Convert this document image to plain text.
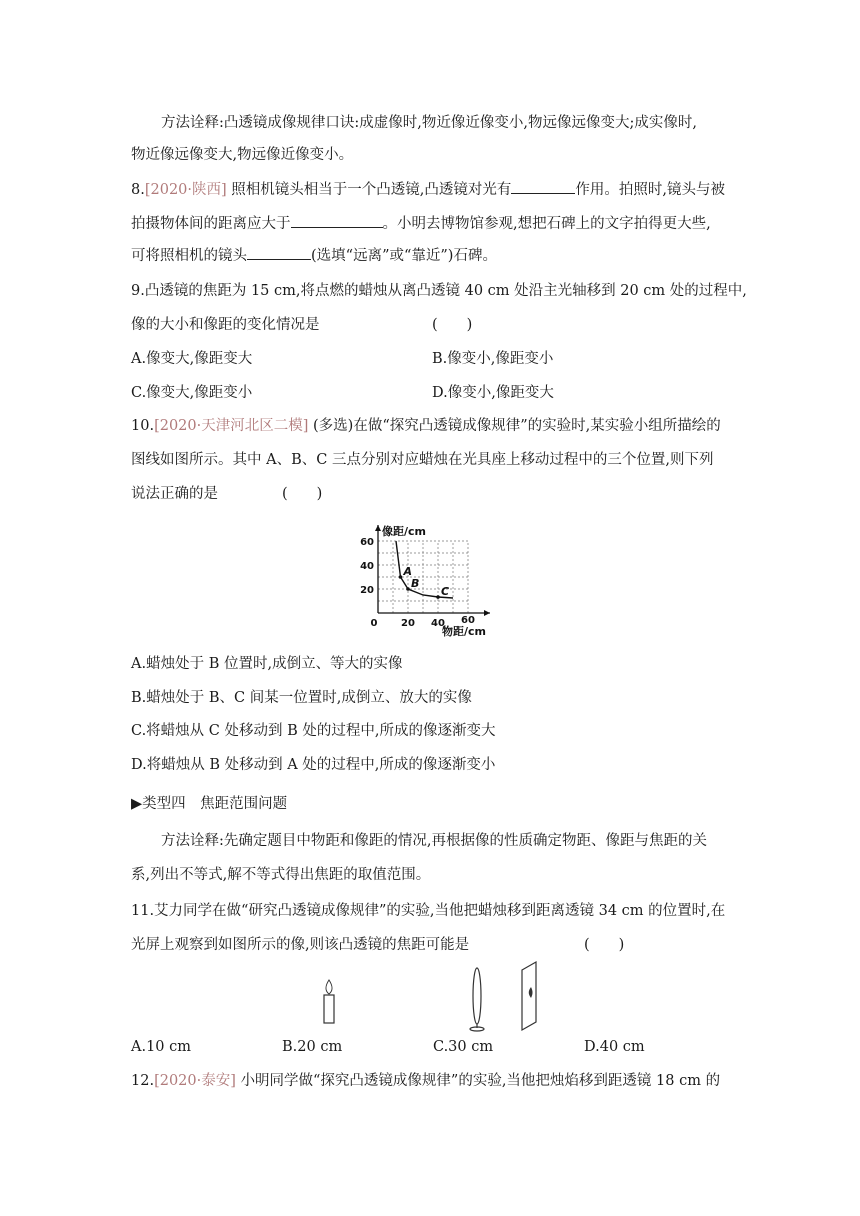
方法诠释:凸透镜成像规律口诀:成虚像时,物近像近像变小,物远像远像变大;成实像时,
物近像远像变大,物远像近像变小。
8.[2020·陕西] 照相机镜头相当于一个凸透镜,凸透镜对光有	作用。拍照时,镜头与被
拍摄物体间的距离应大于	。小明去博物馆参观,想把石碑上的文字拍得更大些,
可将照相机的镜头	(选填“远离”或“靠近”)石碑。
9.凸透镜的焦距为 15 cm,将点燃的蜡烛从离凸透镜 40 cm 处沿主光轴移到 20 cm 处的过程中,
像的大小和像距的变化情况是	(　　)
A.像变大,像距变大	B.像变小,像距变小
C.像变大,像距变小	D.像变小,像距变大
10.[2020·天津河北区二模] (多选)在做“探究凸透镜成像规律”的实验时,某实验小组所描绘的
图线如图所示。其中 A、B、C 三点分别对应蜡烛在光具座上移动过程中的三个位置,则下列
说法正确的是	(　　)
像距/cm
物距/cm
0 20 40 60
20
40
60
A
B
C
A.蜡烛处于 B 位置时,成倒立、等大的实像
B.蜡烛处于 B、C 间某一位置时,成倒立、放大的实像
C.将蜡烛从 C 处移动到 B 处的过程中,所成的像逐渐变大
D.将蜡烛从 B 处移动到 A 处的过程中,所成的像逐渐变小
▶类型四　焦距范围问题
方法诠释:先确定题目中物距和像距的情况,再根据像的性质确定物距、像距与焦距的关
系,列出不等式,解不等式得出焦距的取值范围。
11.艾力同学在做“研究凸透镜成像规律”的实验,当他把蜡烛移到距离透镜 34 cm 的位置时,在
光屏上观察到如图所示的像,则该凸透镜的焦距可能是	(　　)
A.10 cm	B.20 cm	C.30 cm	D.40 cm
12.[2020·泰安] 小明同学做“探究凸透镜成像规律”的实验,当他把烛焰移到距透镜 18 cm 的
